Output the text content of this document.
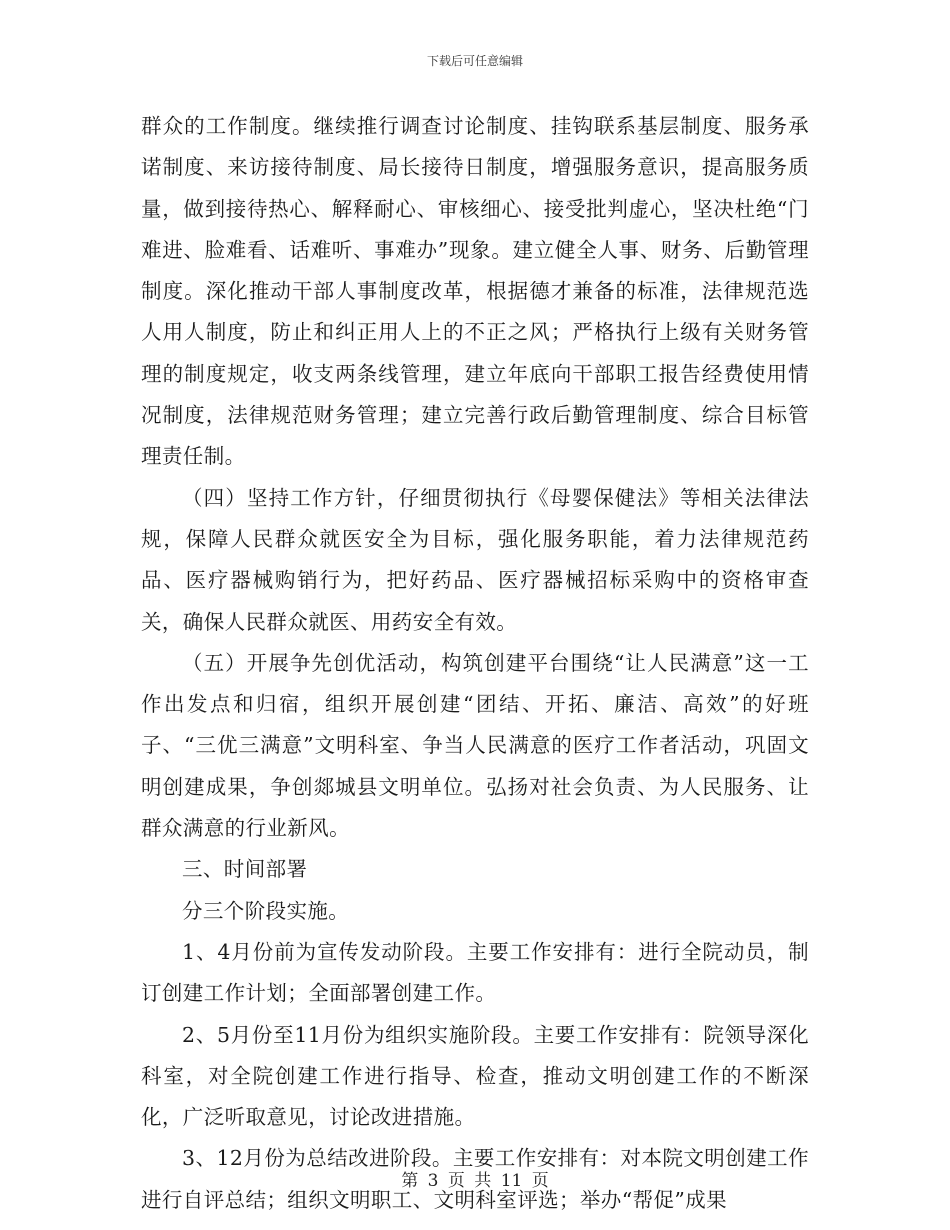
下载后可任意编辑

群众的工作制度。继续推行调查讨论制度、挂钩联系基层制度、服务承诺制度、来访接待制度、局长接待日制度，增强服务意识，提高服务质量，做到接待热心、解释耐心、审核细心、接受批判虚心，坚决杜绝“门难进、脸难看、话难听、事难办”现象。建立健全人事、财务、后勤管理制度。深化推动干部人事制度改革，根据德才兼备的标准，法律规范选人用人制度，防止和纠正用人上的不正之风；严格执行上级有关财务管理的制度规定，收支两条线管理，建立年底向干部职工报告经费使用情况制度，法律规范财务管理；建立完善行政后勤管理制度、综合目标管理责任制。

（四）坚持工作方针，仔细贯彻执行《母婴保健法》等相关法律法规，保障人民群众就医安全为目标，强化服务职能，着力法律规范药品、医疗器械购销行为，把好药品、医疗器械招标采购中的资格审查关，确保人民群众就医、用药安全有效。

（五）开展争先创优活动，构筑创建平台围绕“让人民满意”这一工作出发点和归宿，组织开展创建“团结、开拓、廉洁、高效”的好班子、“三优三满意”文明科室、争当人民满意的医疗工作者活动，巩固文明创建成果，争创郯城县文明单位。弘扬对社会负责、为人民服务、让群众满意的行业新风。

三、时间部署

分三个阶段实施。

1、4月份前为宣传发动阶段。主要工作安排有：进行全院动员，制订创建工作计划；全面部署创建工作。

2、5月份至11月份为组织实施阶段。主要工作安排有：院领导深化科室，对全院创建工作进行指导、检查，推动文明创建工作的不断深化，广泛听取意见，讨论改进措施。

3、12月份为总结改进阶段。主要工作安排有：对本院文明创建工作进行自评总结；组织文明职工、文明科室评选；举办“帮促”成果

第 3 页 共 11 页
